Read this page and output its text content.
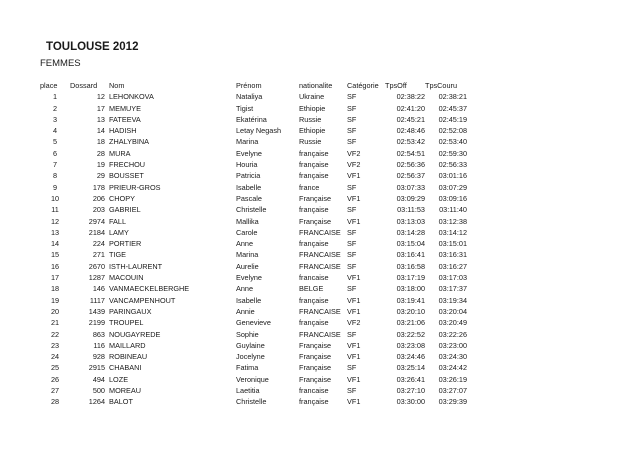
TOULOUSE 2012
FEMMES
place	Dossard	Nom	Prénom	nationalite	Catégorie	TpsOff	TpsCouru
1	12	LEHONKOVA	Nataliya	Ukraine	SF	02:38:22	02:38:21
2	17	MEMUYE	Tigist	Ethiopie	SF	02:41:20	02:45:37
3	13	FATEEVA	Ekatérina	Russie	SF	02:45:21	02:45:19
4	14	HADISH	Letay Negash	Ethiopie	SF	02:48:46	02:52:08
5	18	ZHALYBINA	Marina	Russie	SF	02:53:42	02:53:40
6	28	MURA	Evelyne	française	VF2	02:54:51	02:59:30
7	19	FRECHOU	Houria	française	VF2	02:56:36	02:56:33
8	29	BOUSSET	Patricia	française	VF1	02:56:37	03:01:16
9	178	PRIEUR-GROS	Isabelle	france	SF	03:07:33	03:07:29
10	206	CHOPY	Pascale	Française	VF1	03:09:29	03:09:16
11	203	GABRIEL	Christelle	française	SF	03:11:53	03:11:40
12	2974	FALL	Mallika	Française	VF1	03:13:03	03:12:38
13	2184	LAMY	Carole	FRANCAISE	SF	03:14:28	03:14:12
14	224	PORTIER	Anne	française	SF	03:15:04	03:15:01
15	271	TIGE	Marina	FRANCAISE	SF	03:16:41	03:16:31
16	2670	ISTH-LAURENT	Aurelie	FRANCAISE	SF	03:16:58	03:16:27
17	1287	MACOUIN	Evelyne	francaise	VF1	03:17:19	03:17:03
18	146	VANMAECKELBERGHE	Anne	BELGE	SF	03:18:00	03:17:37
19	1117	VANCAMPENHOUT	Isabelle	française	VF1	03:19:41	03:19:34
20	1439	PARINGAUX	Annie	FRANCAISE	VF1	03:20:10	03:20:04
21	2199	TROUPEL	Genevieve	française	VF2	03:21:06	03:20:49
22	863	NOUGAYREDE	Sophie	FRANCAISE	SF	03:22:52	03:22:26
23	116	MAILLARD	Guylaine	Française	VF1	03:23:08	03:23:00
24	928	ROBINEAU	Jocelyne	Française	VF1	03:24:46	03:24:30
25	2915	CHABANI	Fatima	Française	SF	03:25:14	03:24:42
26	494	LOZE	Veronique	Française	VF1	03:26:41	03:26:19
27	500	MOREAU	Laetitia	francaise	SF	03:27:10	03:27:07
28	1264	BALOT	Christelle	française	VF1	03:30:00	03:29:39
